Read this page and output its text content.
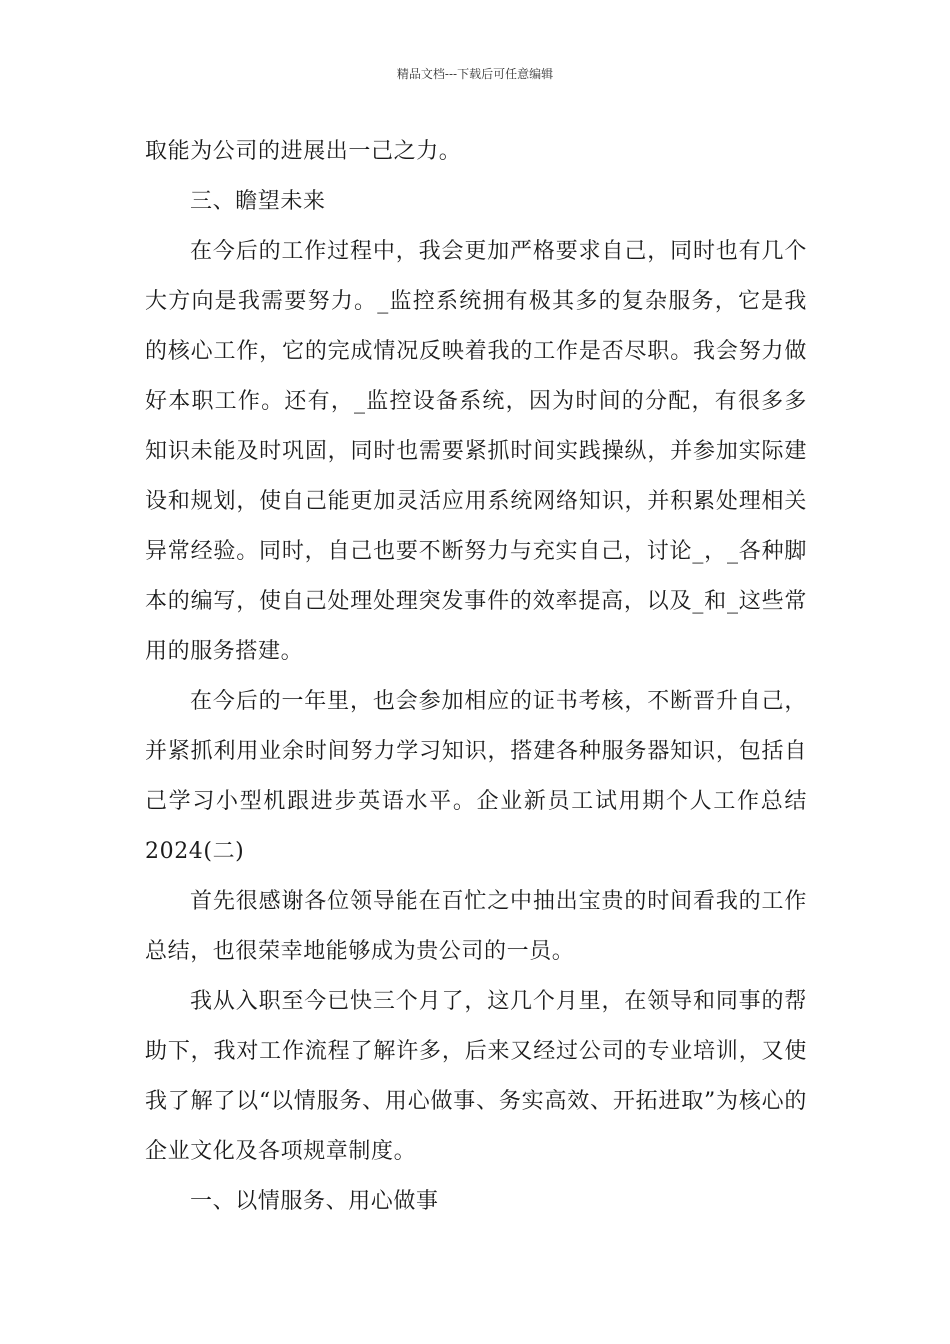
精品文档---下载后可任意编辑

取能为公司的进展出一己之力。

三、瞻望未来

在今后的工作过程中，我会更加严格要求自己，同时也有几个大方向是我需要努力。_监控系统拥有极其多的复杂服务，它是我的核心工作，它的完成情况反映着我的工作是否尽职。我会努力做好本职工作。还有，_监控设备系统，因为时间的分配，有很多多知识未能及时巩固，同时也需要紧抓时间实践操纵，并参加实际建设和规划，使自己能更加灵活应用系统网络知识，并积累处理相关异常经验。同时，自己也要不断努力与充实自己，讨论_，_各种脚本的编写，使自己处理处理突发事件的效率提高，以及_和_这些常用的服务搭建。

在今后的一年里，也会参加相应的证书考核，不断晋升自己，并紧抓利用业余时间努力学习知识，搭建各种服务器知识，包括自己学习小型机跟进步英语水平。企业新员工试用期个人工作总结2024(二)

首先很感谢各位领导能在百忙之中抽出宝贵的时间看我的工作总结，也很荣幸地能够成为贵公司的一员。

我从入职至今已快三个月了，这几个月里，在领导和同事的帮助下，我对工作流程了解许多，后来又经过公司的专业培训，又使我了解了以“以情服务、用心做事、务实高效、开拓进取”为核心的企业文化及各项规章制度。

一、以情服务、用心做事
